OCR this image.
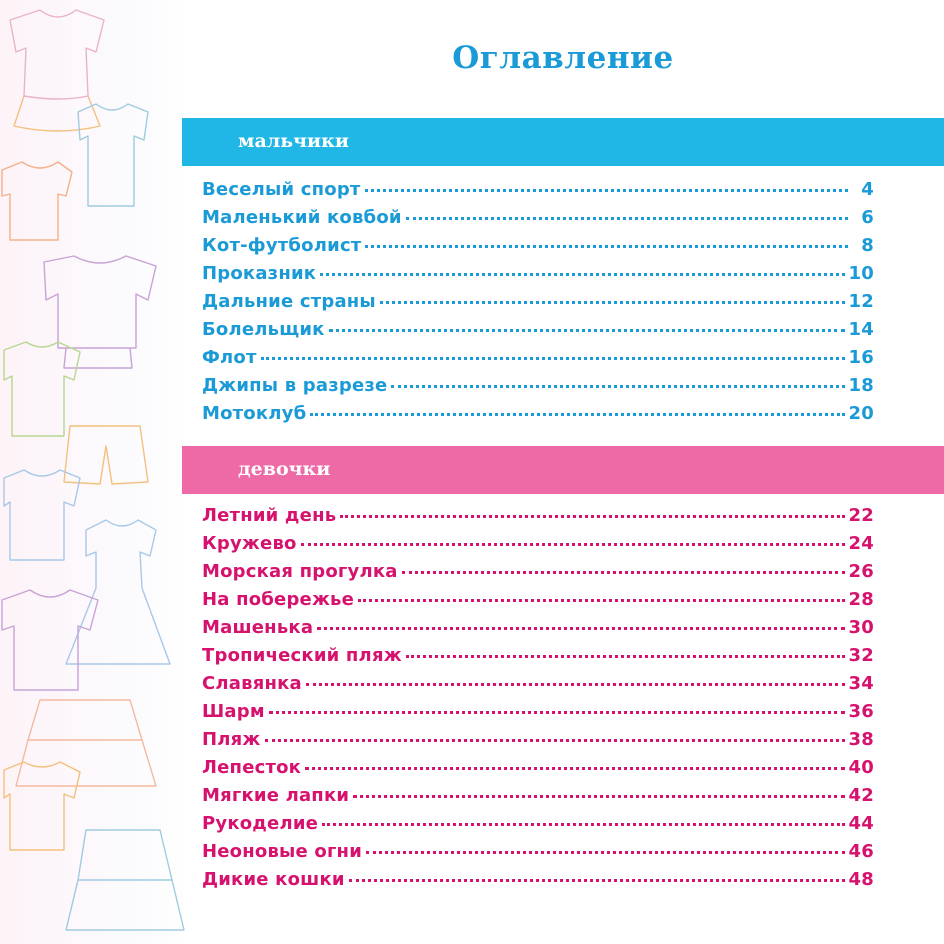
Оглавление
мальчики
Веселый спорт	4
Маленький ковбой	6
Кот-футболист	8
Проказник	10
Дальние страны	12
Болельщик	14
Флот	16
Джипы в разрезе	18
Мотоклуб	20
девочки
Летний день	22
Кружево	24
Морская прогулка	26
На побережье	28
Машенька	30
Тропический пляж	32
Славянка	34
Шарм	36
Пляж	38
Лепесток	40
Мягкие лапки	42
Рукоделие	44
Неоновые огни	46
Дикие кошки	48
